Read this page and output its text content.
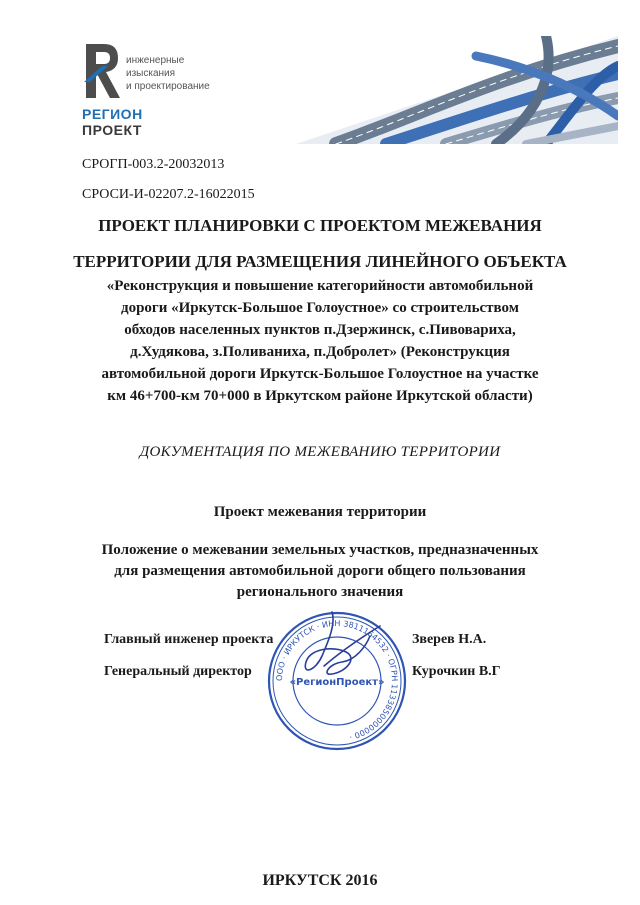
инженерные
изыскания
и проектирование
РЕГИОН
ПРОЕКТ
СРОГП-003.2-20032013
СРОСИ-И-02207.2-16022015
ПРОЕКТ ПЛАНИРОВКИ С ПРОЕКТОМ МЕЖЕВАНИЯ
ТЕРРИТОРИИ ДЛЯ РАЗМЕЩЕНИЯ ЛИНЕЙНОГО ОБЪЕКТА
«Реконструкция и повышение категорийности автомобильной
дороги «Иркутск-Большое Голоустное» со строительством
обходов населенных пунктов п.Дзержинск, с.Пивовариха,
д.Худякова, з.Поливаниха, п.Добролет» (Реконструкция
автомобильной дороги Иркутск-Большое Голоустное на участке
км 46+700-км 70+000 в Иркутском районе Иркутской области)
ДОКУМЕНТАЦИЯ ПО МЕЖЕВАНИЮ ТЕРРИТОРИИ
Проект межевания территории
Положение о межевании земельных участков, предназначенных
для размещения автомобильной дороги общего пользования
регионального значения
Главный инженер проекта	Зверев Н.А.
Генеральный директор	Курочкин В.Г
ООО · ИРКУТСК · ИНН 3811164532 · ОГРН 1133850000000 ·
«РегионПроект»
ИРКУТСК 2016
